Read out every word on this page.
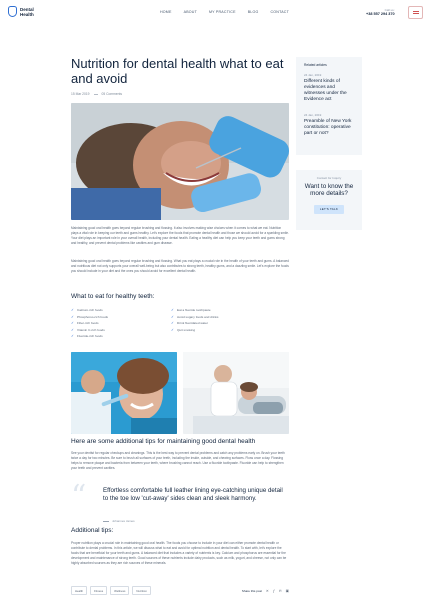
Dental
Health	HOME	ABOUT	MY PRACTICE	BLOG	CONTACT	Call us:
+38 557 294 370
Nutrition for dental health what to eat and avoid
15 Mar 2019	05 Comments

Maintaining good oral health goes beyond regular brushing and flossing. It also involves making wise choices when it comes to what we eat. Nutrition plays a vital role in keeping our teeth and gums healthy. Let's explore the foods that promote dental health and those we should avoid for a sparkling smile. Your diet plays an important role in your overall health, including your dental health. Eating a healthy diet can help you keep your teeth and gums strong and healthy, and prevent dental problems like cavities and gum disease.

Maintaining good oral health goes beyond regular brushing and flossing. What you eat plays a crucial role in the health of your teeth and gums. A balanced and nutritious diet not only supports your overall well-being but also contributes to strong teeth, healthy gums, and a dazzling smile. Let's explore the foods you should include in your diet and the ones you should avoid for excellent dental health.

What to eat for healthy teeth:
✓ Calcium-rich foods	✓ Eat a fluoride toothpaste
✓ Phosphorus-rich foods	✓ Avoid sugary foods and drinks
✓ Fiber-rich foods	✓ Drink fluoridated water
✓ Vitamin C-rich foods	✓ Quit smoking
✓ Fluoride-rich foods
Here are some additional tips for maintaining good dental health

See your dentist for regular checkups and cleanings. This is the best way to prevent dental problems and catch any problems early on. Brush your teeth twice a day for two minutes. Be sure to brush all surfaces of your teeth, including the inside, outside, and chewing surfaces. Floss once a day. Flossing helps to remove plaque and bacteria from between your teeth, where brushing cannot reach. Use a fluoride toothpaste. Fluoride can help to strengthen your teeth and prevent cavities.

“	Effortless comfortable full leather lining eye-catching unique detail to the toe low 'cut-away' sides clean and sleek harmony.

Johannes James
Additional tips:

Proper nutrition plays a crucial role in maintaining good oral health. The foods you choose to include in your diet can either promote dental health or contribute to dental problems. In this article, we will discuss what to eat and avoid for optimal nutrition and dental health. To start with, let's explore the foods that are beneficial for your teeth and gums. A balanced diet that includes a variety of nutrients is key. Calcium and phosphorus are essential for the development and maintenance of strong teeth. Good sources of these nutrients include dairy products, such as milk, yogurt, and cheese, not only can be highly absorbed sources as they are rich sources of these minerals.

Health	Fitness	Wellness	Nutrition	Share this post ✕ ƒ ℗ ▣
Related articles
24 Jan, 2019
Different kinds of evidences and witnesses under the Evidence act
24 Jan, 2019
Preamble of New York constitution: operative part or not?
Contact for Inquiry
Want to know the more details?
LET'S TALK
